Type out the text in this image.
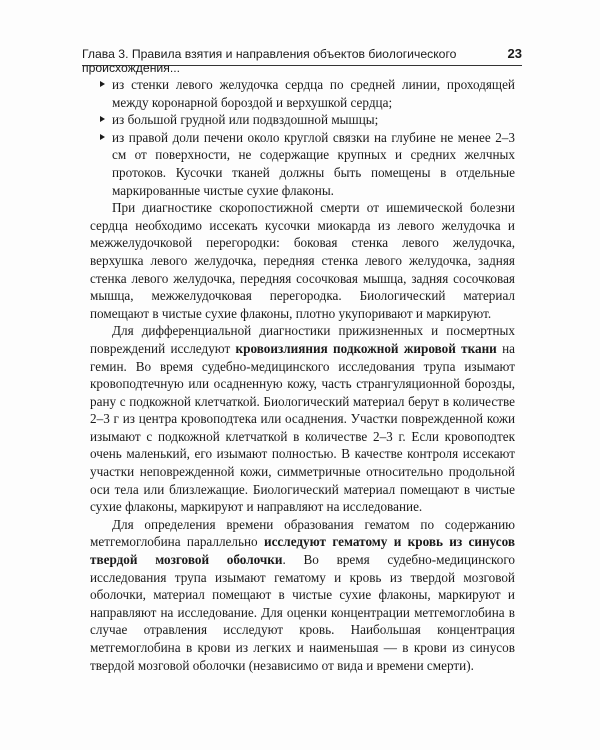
Глава 3. Правила взятия и направления объектов биологического происхождения...
23
из стенки левого желудочка сердца по средней линии, проходящей между коронарной бороздой и верхушкой сердца;
из большой грудной или подвздошной мышцы;
из правой доли печени около круглой связки на глубине не менее 2–3 см от поверхности, не содержащие крупных и средних желчных протоков. Кусочки тканей должны быть помещены в отдельные маркированные чистые сухие флаконы.

При диагностике скоропостижной смерти от ишемической болезни сердца необходимо иссекать кусочки миокарда из левого желудочка и межжелудочковой перегородки: боковая стенка левого желудочка, верхушка левого желудочка, передняя стенка левого желудочка, задняя стенка левого желудочка, передняя сосочковая мышца, задняя сосочковая мышца, межжелудочковая перегородка. Биологический материал помещают в чистые сухие флаконы, плотно укупоривают и маркируют.

Для дифференциальной диагностики прижизненных и посмертных повреждений исследуют кровоизлияния подкожной жировой ткани на гемин. Во время судебно-медицинского исследования трупа изымают кровоподтечную или осадненную кожу, часть странгуляционной борозды, рану с подкожной клетчаткой. Биологический материал берут в количестве 2–3 г из центра кровоподтека или осаднения. Участки поврежденной кожи изымают с подкожной клетчаткой в количестве 2–3 г. Если кровоподтек очень маленький, его изымают полностью. В качестве контроля иссекают участки неповрежденной кожи, симметричные относительно продольной оси тела или близлежащие. Биологический материал помещают в чистые сухие флаконы, маркируют и направляют на исследование.

Для определения времени образования гематом по содержанию метгемоглобина параллельно исследуют гематому и кровь из синусов твердой мозговой оболочки. Во время судебно-медицинского исследования трупа изымают гематому и кровь из твердой мозговой оболочки, материал помещают в чистые сухие флаконы, маркируют и направляют на исследование. Для оценки концентрации метгемоглобина в случае отравления исследуют кровь. Наибольшая концентрация метгемоглобина в крови из легких и наименьшая — в крови из синусов твердой мозговой оболочки (независимо от вида и времени смерти).
